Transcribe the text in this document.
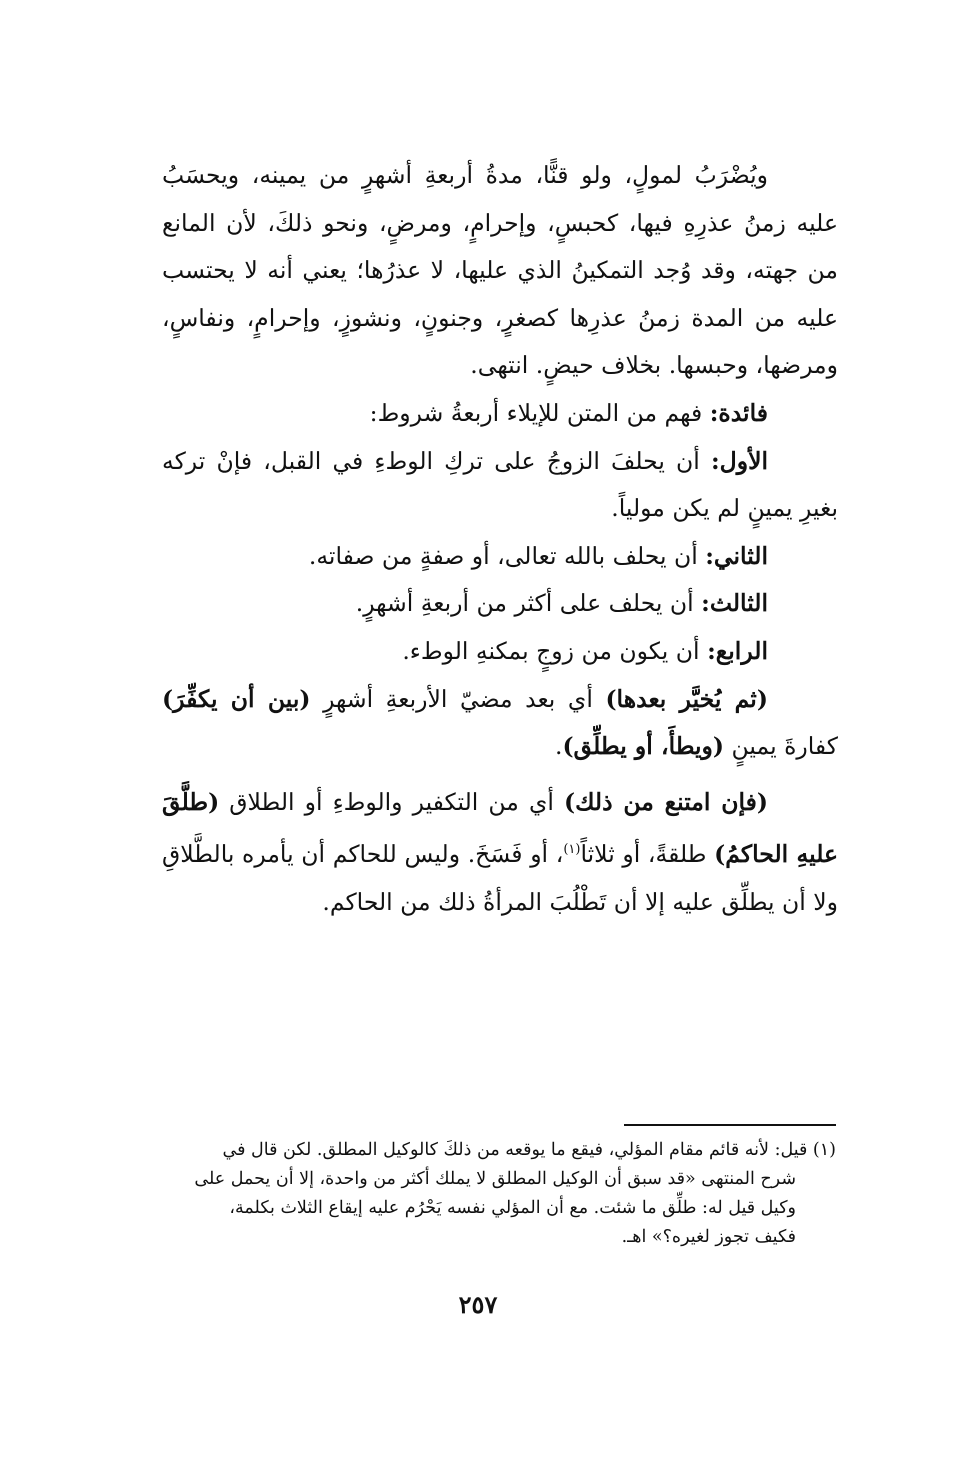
ويُضْرَبُ لمولٍ، ولو قنًّا، مدةُ أربعةِ أشهرٍ من يمينه، ويحسَبُ عليه زمنُ عذرِهِ فيها، كحبسٍ، وإحرامٍ، ومرضٍ، ونحو ذلكَ، لأن المانع من جهته، وقد وُجد التمكينُ الذي عليها، لا عذرُها؛ يعني أنه لا يحتسب عليه من المدة زمنُ عذرِها كصغرٍ، وجنونٍ، ونشوزٍ، وإحرامٍ، ونفاسٍ، ومرضها، وحبسها. بخلاف حيضٍ. انتهى.

فائدة: فهم من المتن للإيلاء أربعةُ شروط:

الأول: أن يحلفَ الزوجُ على تركِ الوطءِ في القبل، فإنْ تركه بغيرِ يمينٍ لم يكن مولياً.

الثاني: أن يحلف بالله تعالى، أو صفةٍ من صفاته.

الثالث: أن يحلف على أكثر من أربعةِ أشهرٍ.

الرابع: أن يكون من زوجٍ بمكنهِ الوطء.

(ثم يُخيَّر بعدها) أي بعد مضيّ الأربعةِ أشهرٍ (بين أن يكفِّرَ) كفارةَ يمينٍ (ويطأَ، أو يطلِّق).

(فإن امتنع من ذلك) أي من التكفير والوطءِ أو الطلاق (طلَّقَ عليهِ الحاكمُ) طلقةً، أو ثلاثاً$^{(١)}$، أو فَسَخَ. وليس للحاكم أن يأمره بالطَّلاقِ ولا أن يطلِّق عليه إلا أن تَطْلُبَ المرأةُ ذلك من الحاكم.

(١) قيل: لأنه قائم مقام المؤلي، فيقع ما يوقعه من ذلكَ كالوكيل المطلق. لكن قال في

شرح المنتهى «قد سبق أن الوكيل المطلق لا يملك أكثر من واحدة، إلا أن يحمل على

وكيل قيل له: طلِّق ما شئت. مع أن المؤلي نفسه يَحْرُم عليه إيقاع الثلاث بكلمة،

فكيف تجوز لغيره؟» اهـ.

٢٥٧
